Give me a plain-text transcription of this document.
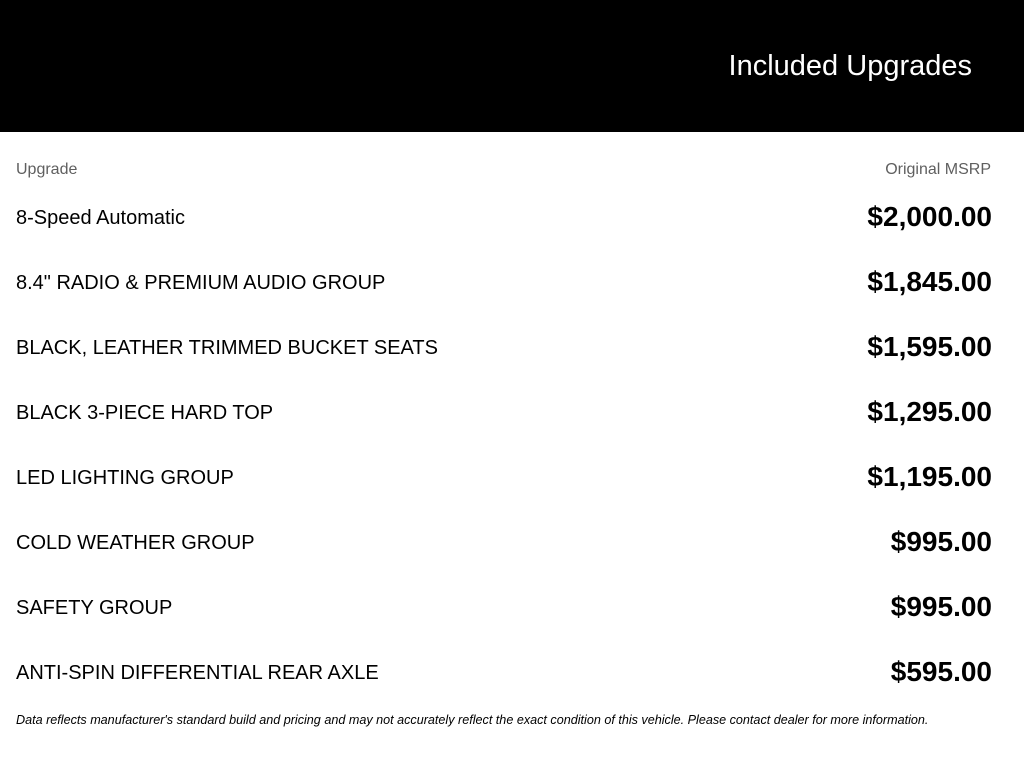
Included Upgrades
Upgrade	Original MSRP
8-Speed Automatic	$2,000.00
8.4" RADIO & PREMIUM AUDIO GROUP	$1,845.00
BLACK, LEATHER TRIMMED BUCKET SEATS	$1,595.00
BLACK 3-PIECE HARD TOP	$1,295.00
LED LIGHTING GROUP	$1,195.00
COLD WEATHER GROUP	$995.00
SAFETY GROUP	$995.00
ANTI-SPIN DIFFERENTIAL REAR AXLE	$595.00
Data reflects manufacturer's standard build and pricing and may not accurately reflect the exact condition of this vehicle. Please contact dealer for more information.
